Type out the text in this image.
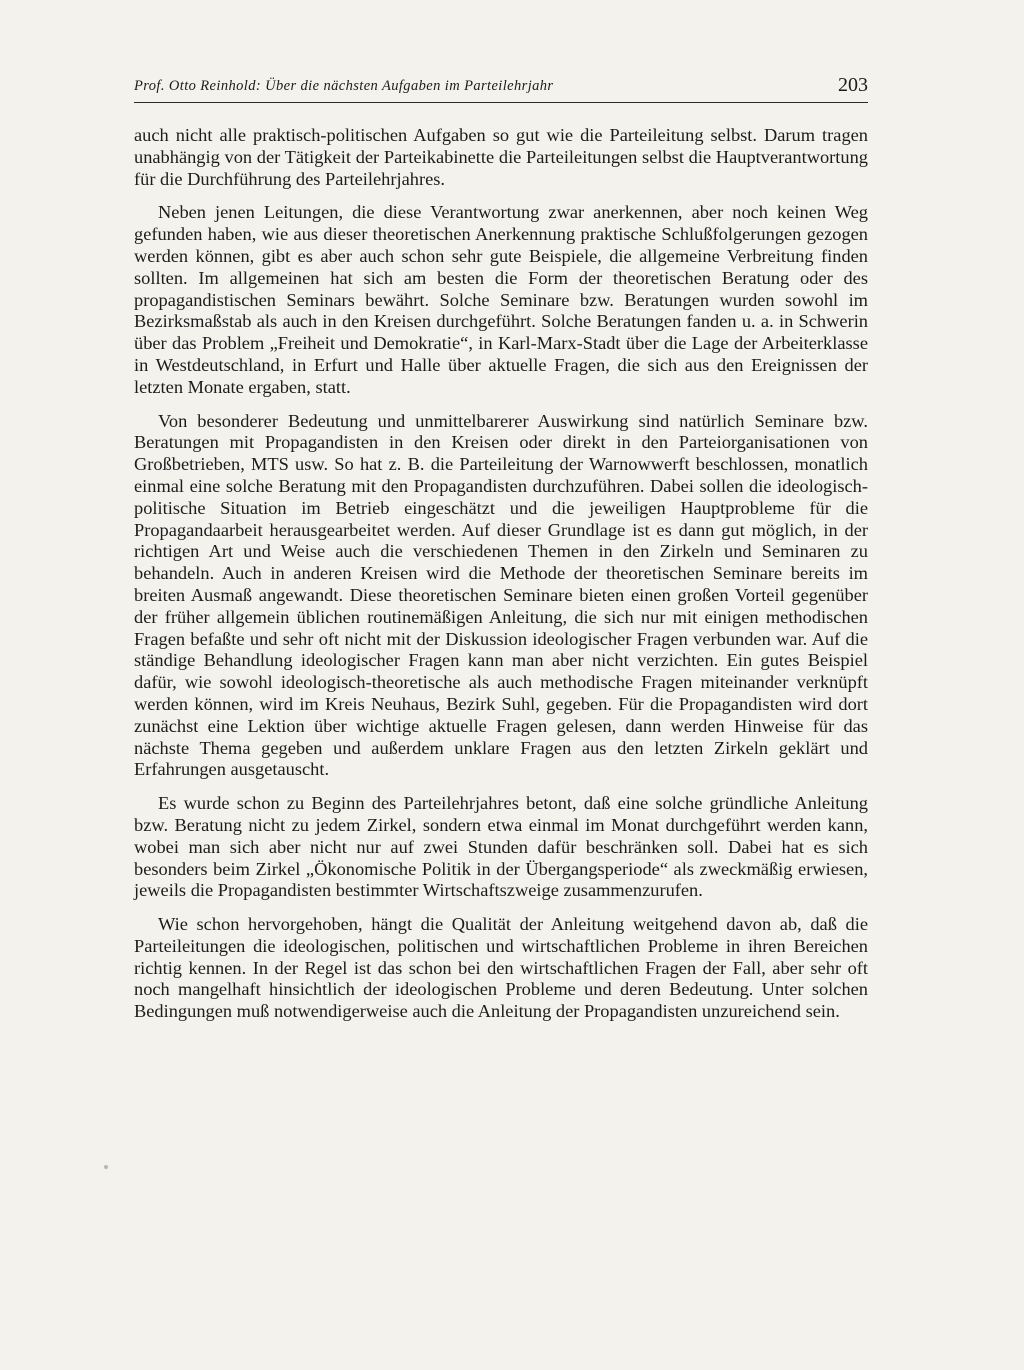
Prof. Otto Reinhold: Über die nächsten Aufgaben im Parteilehrjahr	203

auch nicht alle praktisch-politischen Aufgaben so gut wie die Parteileitung selbst. Darum tragen unabhängig von der Tätigkeit der Parteikabinette die Parteileitungen selbst die Hauptverantwortung für die Durchführung des Parteilehrjahres.

Neben jenen Leitungen, die diese Verantwortung zwar anerkennen, aber noch keinen Weg gefunden haben, wie aus dieser theoretischen Anerkennung praktische Schlußfolgerungen gezogen werden können, gibt es aber auch schon sehr gute Beispiele, die allgemeine Verbreitung finden sollten. Im allgemeinen hat sich am besten die Form der theoretischen Beratung oder des propagandistischen Seminars bewährt. Solche Seminare bzw. Beratungen wurden sowohl im Bezirksmaßstab als auch in den Kreisen durchgeführt. Solche Beratungen fanden u. a. in Schwerin über das Problem „Freiheit und Demokratie“, in Karl-Marx-Stadt über die Lage der Arbeiterklasse in Westdeutschland, in Erfurt und Halle über aktuelle Fragen, die sich aus den Ereignissen der letzten Monate ergaben, statt.

Von besonderer Bedeutung und unmittelbarerer Auswirkung sind natürlich Seminare bzw. Beratungen mit Propagandisten in den Kreisen oder direkt in den Parteiorganisationen von Großbetrieben, MTS usw. So hat z. B. die Parteileitung der Warnowwerft beschlossen, monatlich einmal eine solche Beratung mit den Propagandisten durchzuführen. Dabei sollen die ideologisch-politische Situation im Betrieb eingeschätzt und die jeweiligen Hauptprobleme für die Propagandaarbeit herausgearbeitet werden. Auf dieser Grundlage ist es dann gut möglich, in der richtigen Art und Weise auch die verschiedenen Themen in den Zirkeln und Seminaren zu behandeln. Auch in anderen Kreisen wird die Methode der theoretischen Seminare bereits im breiten Ausmaß angewandt. Diese theoretischen Seminare bieten einen großen Vorteil gegenüber der früher allgemein üblichen routinemäßigen Anleitung, die sich nur mit einigen methodischen Fragen befaßte und sehr oft nicht mit der Diskussion ideologischer Fragen verbunden war. Auf die ständige Behandlung ideologischer Fragen kann man aber nicht verzichten. Ein gutes Beispiel dafür, wie sowohl ideologisch-theoretische als auch methodische Fragen miteinander verknüpft werden können, wird im Kreis Neuhaus, Bezirk Suhl, gegeben. Für die Propagandisten wird dort zunächst eine Lektion über wichtige aktuelle Fragen gelesen, dann werden Hinweise für das nächste Thema gegeben und außerdem unklare Fragen aus den letzten Zirkeln geklärt und Erfahrungen ausgetauscht.

Es wurde schon zu Beginn des Parteilehrjahres betont, daß eine solche gründliche Anleitung bzw. Beratung nicht zu jedem Zirkel, sondern etwa einmal im Monat durchgeführt werden kann, wobei man sich aber nicht nur auf zwei Stunden dafür beschränken soll. Dabei hat es sich besonders beim Zirkel „Ökonomische Politik in der Übergangsperiode“ als zweckmäßig erwiesen, jeweils die Propagandisten bestimmter Wirtschaftszweige zusammenzurufen.

Wie schon hervorgehoben, hängt die Qualität der Anleitung weitgehend davon ab, daß die Parteileitungen die ideologischen, politischen und wirtschaftlichen Probleme in ihren Bereichen richtig kennen. In der Regel ist das schon bei den wirtschaftlichen Fragen der Fall, aber sehr oft noch mangelhaft hinsichtlich der ideologischen Probleme und deren Bedeutung. Unter solchen Bedingungen muß notwendigerweise auch die Anleitung der Propagandisten unzureichend sein.
